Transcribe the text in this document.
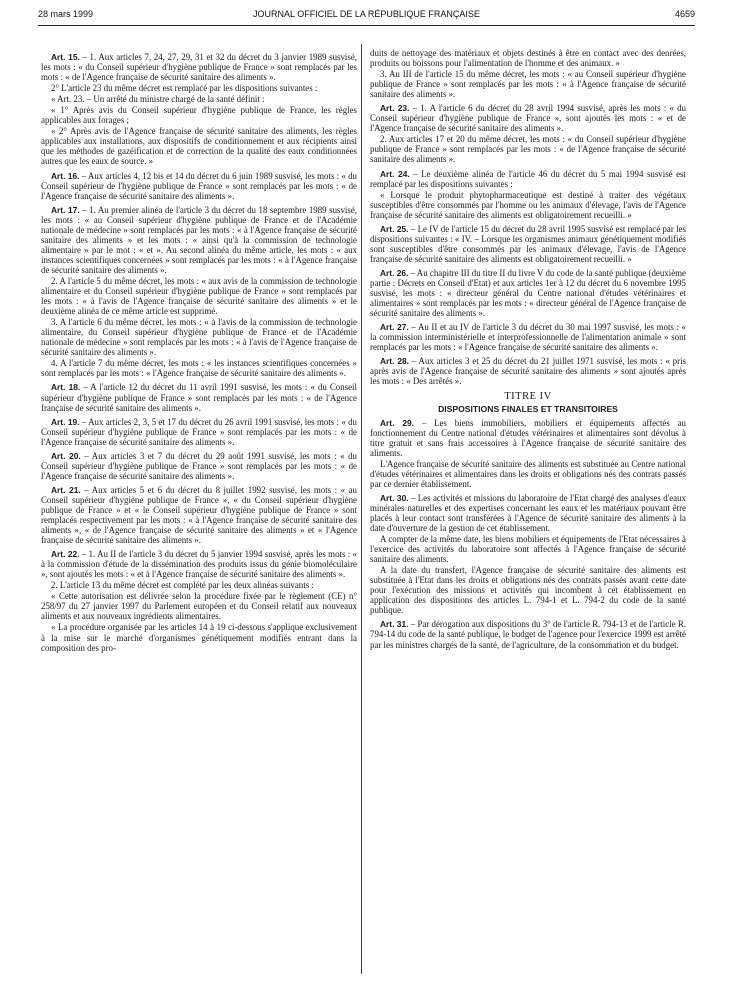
28 mars 1999	JOURNAL OFFICIEL DE LA RÉPUBLIQUE FRANÇAISE	4659

Art. 15. – 1. Aux articles 7, 24, 27, 29, 31 et 32 du décret du 3 janvier 1989 susvisé, les mots : « du Conseil supérieur d'hygiène publique de France » sont remplacés par les mots : « de l'Agence française de sécurité sanitaire des aliments ».

2° L'article 23 du même décret est remplacé par les dispositions suivantes :

« Art. 23. – Un arrêté du ministre chargé de la santé définit :

« 1° Après avis du Conseil supérieur d'hygiène publique de France, les règles applicables aux forages ;

« 2° Après avis de l'Agence française de sécurité sanitaire des aliments, les règles applicables aux installations, aux dispositifs de conditionnement et aux récipients ainsi que les méthodes de gazéification et de correction de la qualité des eaux conditionnées autres que les eaux de source. »

Art. 16. – Aux articles 4, 12 bis et 14 du décret du 6 juin 1989 susvisé, les mots : « du Conseil supérieur de l'hygiène publique de France » sont remplacés par les mots : « de l'Agence française de sécurité sanitaire des aliments ».

Art. 17. – 1. Au premier alinéa de l'article 3 du décret du 18 septembre 1989 susvisé, les mots : « au Conseil supérieur d'hygiène publique de France et de l'Académie nationale de médecine » sont remplacés par les mots : « à l'Agence française de sécurité sanitaire des aliments » et les mots : « ainsi qu'à la commission de technologie alimentaire » par le mot : « et ». Au second alinéa du même article, les mots : « aux instances scientifiques concernées » sont remplacés par les mots : « à l'Agence française de sécurité sanitaire des aliments ».

2. A l'article 5 du même décret, les mots : « aux avis de la commission de technologie alimentaire et du Conseil supérieur d'hygiène publique de France » sont remplacés par les mots : « à l'avis de l'Agence française de sécurité sanitaire des aliments » et le deuxième alinéa de ce même article est supprimé.

3. A l'article 6 du même décret, les mots : « à l'avis de la commission de technologie alimentaire, du Conseil supérieur d'hygiène publique de France et de l'Académie nationale de médecine » sont remplacés par les mots : « à l'avis de l'Agence française de sécurité sanitaire des aliments ».

4. A l'article 7 du même décret, les mots : « les instances scientifiques concernées » sont remplacés par les mots : « l'Agence française de sécurité sanitaire des aliments ».

Art. 18. – A l'article 12 du décret du 11 avril 1991 susvisé, les mots : « du Conseil supérieur d'hygiène publique de France » sont remplacés par les mots : « de l'Agence française de sécurité sanitaire des aliments ».

Art. 19. – Aux articles 2, 3, 5 et 17 du décret du 26 avril 1991 susvisé, les mots : « du Conseil supérieur d'hygiène publique de France » sont remplacés par les mots : « de l'Agence française de sécurité sanitaire des aliments ».

Art. 20. – Aux articles 3 et 7 du décret du 29 août 1991 susvisé, les mots : « du Conseil supérieur d'hygiène publique de France » sont remplacés par les mots : « de l'Agence française de sécurité sanitaire des aliments ».

Art. 21. – Aux articles 5 et 6 du décret du 8 juillet 1992 susvisé, les mots : « au Conseil supérieur d'hygiène publique de France », « du Conseil supérieur d'hygiène publique de France » et « le Conseil supérieur d'hygiène publique de France » sont remplacés respectivement par les mots : « à l'Agence française de sécurité sanitaire des aliments », « de l'Agence française de sécurité sanitaire des aliments » et « l'Agence française de sécurité sanitaire des aliments ».

Art. 22. – 1. Au II de l'article 3 du décret du 5 janvier 1994 susvisé, après les mots : « à la commission d'étude de la dissémination des produits issus du génie biomoléculaire », sont ajoutés les mots : « et à l'Agence française de sécurité sanitaire des aliments ».

2. L'article 13 du même décret est complété par les deux alinéas suivants :

« Cette autorisation est délivrée selon la procédure fixée par le règlement (CE) n° 258/97 du 27 janvier 1997 du Parlement européen et du Conseil relatif aux nouveaux aliments et aux nouveaux ingrédients alimentaires.

« La procédure organisée par les articles 14 à 19 ci-dessous s'applique exclusivement à la mise sur le marché d'organismes génétiquement modifiés entrant dans la composition des pro-

duits de nettoyage des matériaux et objets destinés à être en contact avec des denrées, produits ou boissons pour l'alimentation de l'homme et des animaux. »

3. Au III de l'article 15 du même décret, les mots : « au Conseil supérieur d'hygiène publique de France » sont remplacés par les mots : « à l'Agence française de sécurité sanitaire des aliments ».

Art. 23. – 1. A l'article 6 du décret du 28 avril 1994 susvisé, après les mots : « du Conseil supérieur d'hygiène publique de France », sont ajoutés les mots : « et de l'Agence française de sécurité sanitaire des aliments ».

2. Aux articles 17 et 20 du même décret, les mots : « du Conseil supérieur d'hygiène publique de France » sont remplacés par les mots : « de l'Agence française de sécurité sanitaire des aliments ».

Art. 24. – Le deuxième alinéa de l'article 46 du décret du 5 mai 1994 susvisé est remplacé par les dispositions suivantes :

« Lorsque le produit phytopharmaceutique est destiné à traiter des végétaux susceptibles d'être consommés par l'homme ou les animaux d'élevage, l'avis de l'Agence française de sécurité sanitaire des aliments est obligatoirement recueilli. »

Art. 25. – Le IV de l'article 15 du décret du 28 avril 1995 susvisé est remplacé par les dispositions suivantes : « IV. – Lorsque les organismes animaux génétiquement modifiés sont susceptibles d'être consommés par les animaux d'élevage, l'avis de l'Agence française de sécurité sanitaire des aliments est obligatoirement recueilli. »

Art. 26. – Au chapitre III du titre II du livre V du code de la santé publique (deuxième partie : Décrets en Conseil d'Etat) et aux articles 1er à 12 du décret du 6 novembre 1995 susvisé, les mots : « directeur général du Centre national d'études vétérinaires et alimentaires » sont remplacés par les mots : « directeur général de l'Agence française de sécurité sanitaire des aliments ».

Art. 27. – Au II et au IV de l'article 3 du décret du 30 mai 1997 susvisé, les mots : « la commission interministérielle et interprofessionnelle de l'alimentation animale » sont remplacés par les mots : « l'Agence française de sécurité sanitaire des aliments ».

Art. 28. – Aux articles 3 et 25 du décret du 21 juillet 1971 susvisé, les mots : « pris après avis de l'Agence française de sécurité sanitaire des aliments » sont ajoutés après les mots : « Des arrêtés ».

TITRE IV

DISPOSITIONS FINALES ET TRANSITOIRES

Art. 29. – Les biens immobiliers, mobiliers et équipements affectés au fonctionnement du Centre national d'études vétérinaires et alimentaires sont dévolus à titre gratuit et sans frais accessoires à l'Agence française de sécurité sanitaire des aliments.

L'Agence française de sécurité sanitaire des aliments est substituée au Centre national d'études vétérinaires et alimentaires dans les droits et obligations nés des contrats passés par ce dernier établissement.

Art. 30. – Les activités et missions du laboratoire de l'Etat chargé des analyses d'eaux minérales naturelles et des expertises concernant les eaux et les matériaux pouvant être placés à leur contact sont transférées à l'Agence de sécurité sanitaire des aliments à la date d'ouverture de la gestion de cet établissement.

A compter de la même date, les biens mobiliers et équipements de l'Etat nécessaires à l'exercice des activités du laboratoire sont affectés à l'Agence française de sécurité sanitaire des aliments.

A la date du transfert, l'Agence française de sécurité sanitaire des aliments est substituée à l'Etat dans les droits et obligations nés des contrats passés avant cette date pour l'exécution des missions et activités qui incombent à cet établissement en application des dispositions des articles L. 794-1 et L. 794-2 du code de la santé publique.

Art. 31. – Par dérogation aux dispositions du 3° de l'article R. 794-13 et de l'article R. 794-14 du code de la santé publique, le budget de l'agence pour l'exercice 1999 est arrêté par les ministres chargés de la santé, de l'agriculture, de la consommation et du budget.
